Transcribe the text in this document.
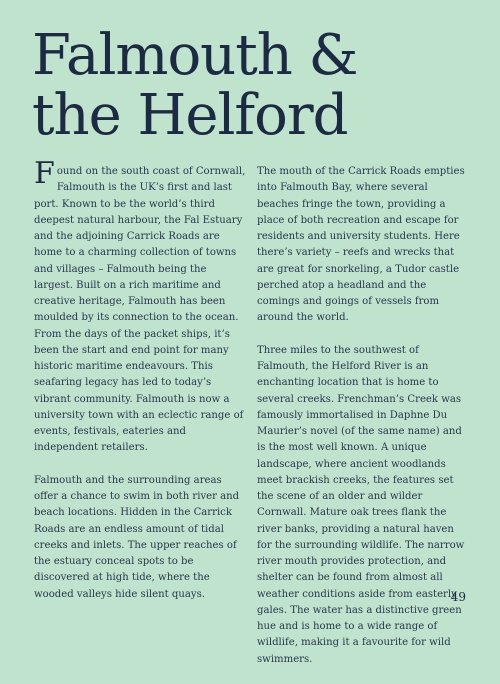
Falmouth &
the Helford

Found on the south coast of Cornwall, Falmouth is the UK’s first and last port. Known to be the world’s third deepest natural harbour, the Fal Estuary and the adjoining Carrick Roads are home to a charming collection of towns and villages – Falmouth being the largest. Built on a rich maritime and creative heritage, Falmouth has been moulded by its connection to the ocean. From the days of the packet ships, it’s been the start and end point for many historic maritime endeavours. This seafaring legacy has led to today’s vibrant community. Falmouth is now a university town with an eclectic range of events, festivals, eateries and independent retailers.

Falmouth and the surrounding areas offer a chance to swim in both river and beach locations. Hidden in the Carrick Roads are an endless amount of tidal creeks and inlets. The upper reaches of the estuary conceal spots to be discovered at high tide, where the wooded valleys hide silent quays.

The mouth of the Carrick Roads empties into Falmouth Bay, where several beaches fringe the town, providing a place of both recreation and escape for residents and university students. Here there’s variety – reefs and wrecks that are great for snorkeling, a Tudor castle perched atop a headland and the comings and goings of vessels from around the world.

Three miles to the southwest of Falmouth, the Helford River is an enchanting location that is home to several creeks. Frenchman’s Creek was famously immortalised in Daphne Du Maurier’s novel (of the same name) and is the most well known. A unique landscape, where ancient woodlands meet brackish creeks, the features set the scene of an older and wilder Cornwall. Mature oak trees flank the river banks, providing a natural haven for the surrounding wildlife. The narrow river mouth provides protection, and shelter can be found from almost all weather conditions aside from easterly gales. The water has a distinctive green hue and is home to a wide range of wildlife, making it a favourite for wild swimmers.

49
